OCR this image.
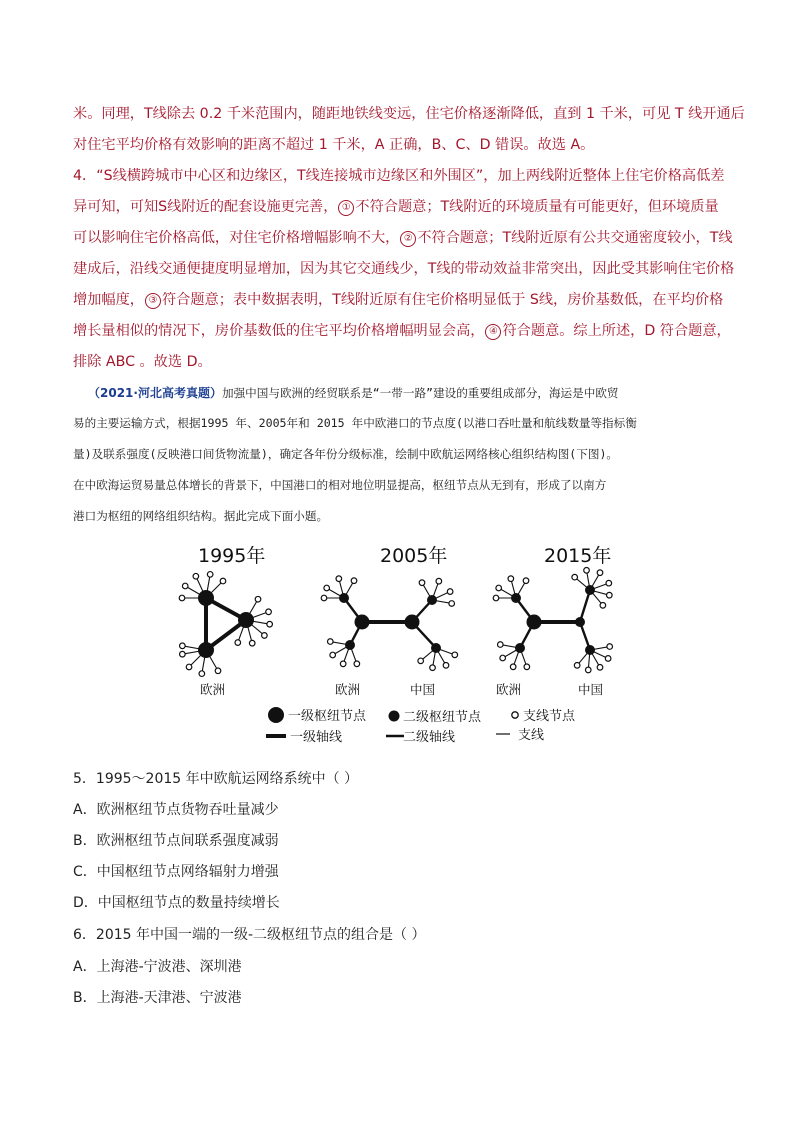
米。同理，T线除去 0.2 千米范围内，随距地铁线变远，住宅价格逐渐降低，直到 1 千米，可见 T 线开通后
对住宅平均价格有效影响的距离不超过 1 千米，A 正确，B、C、D 错误。故选 A。
4．“S线横跨城市中心区和边缘区，T线连接城市边缘区和外围区”，加上两线附近整体上住宅价格高低差
异可知，可知S线附近的配套设施更完善， ① 不符合题意；T线附近的环境质量有可能更好，但环境质量
可以影响住宅价格高低，对住宅价格增幅影响不大， ② 不符合题意；T线附近原有公共交通密度较小，T线
建成后，沿线交通便捷度明显增加，因为其它交通线少，T线的带动效益非常突出，因此受其影响住宅价格
增加幅度， ③ 符合题意；表中数据表明，T线附近原有住宅价格明显低于 S线，房价基数低，在平均价格
增长量相似的情况下，房价基数低的住宅平均价格增幅明显会高， ④ 符合题意。综上所述，D 符合题意，
排除 ABC 。故选 D。
（2021·河北高考真题）加强中国与欧洲的经贸联系是“一带一路”建设的重要组成部分，海运是中欧贸
易的主要运输方式，根据1995 年、2005年和 2015 年中欧港口的节点度(以港口吞吐量和航线数量等指标衡
量)及联系强度(反映港口间货物流量)，确定各年份分级标准，绘制中欧航运网络核心组织结构图(下图)。
在中欧海运贸易量总体增长的背景下，中国港口的相对地位明显提高，枢纽节点从无到有，形成了以南方
港口为枢纽的网络组织结构。据此完成下面小题。
1995年	2005年	2015年
欧洲	欧洲	中国	欧洲	中国
一级枢纽节点	二级枢纽节点	支线节点
一级轴线	二级轴线	支线
5．1995～2015 年中欧航运网络系统中（ ）
A．欧洲枢纽节点货物吞吐量减少
B．欧洲枢纽节点间联系强度减弱
C．中国枢纽节点网络辐射力增强
D．中国枢纽节点的数量持续增长
6．2015 年中国一端的一级-二级枢纽节点的组合是（ ）
A．上海港-宁波港、深圳港
B．上海港-天津港、宁波港
